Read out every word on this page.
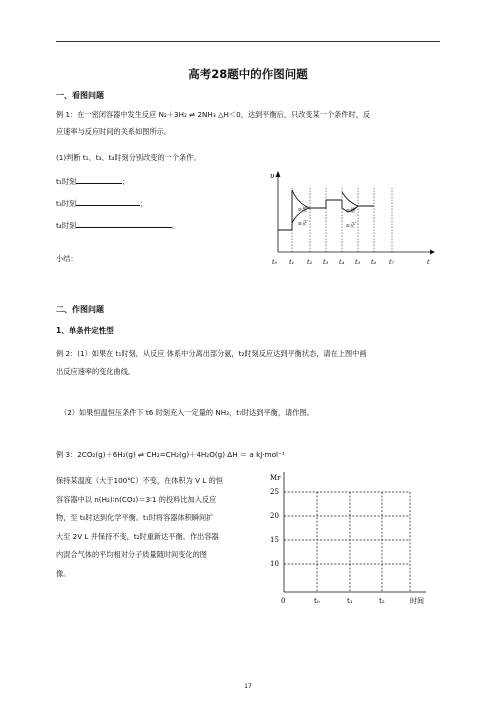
高考28题中的作图问题
一、看图问题
例 1：在一密闭容器中发生反应 N₂＋3H₂ ⇌ 2NH₃ △H＜0，达到平衡后，只改变某一个条件时，反
应速率与反应时间的关系如图所示。
(1)判断 t₁、t₃、t₄时刻分别改变的一个条件。
t₁时刻	；
t₃时刻	；
t₄时刻	。
小结：
υ
υ逆
υ正
υ逆
υ正
t₀ t₁ t₂ t₃ t₄ t₅ t₆ t₇	t
二、作图问题
1、单条件定性型
例 2：(1）如果在 t₁时刻，从反应 体系中分离出部分氨，t₂时刻反应达到平衡状态，请在上图中画
出反应速率的变化曲线。
（2）如果恒温恒压条件下 t6 时刻充入一定量的 NH₃，t₇时达到平衡，请作图。
例 3：2CO₂(g)＋6H₂(g) ⇌ CH₂=CH₂(g)＋4H₂O(g) ΔH ＝ a kJ·mol⁻¹
保持某温度（大于100℃）不变，在体积为 V L 的恒
容容器中以 n(H₂)∶n(CO₂)＝3∶1 的投料比加入反应
物，至 t₀时达到化学平衡。t₁时将容器体积瞬间扩
大至 2V L 并保持不变，t₂时重新达平衡。作出容器
内混合气体的平均相对分子质量随时间变化的图
像。
Mr
25
20
15
10
0	t₀	t₁	t₂	时间
17
